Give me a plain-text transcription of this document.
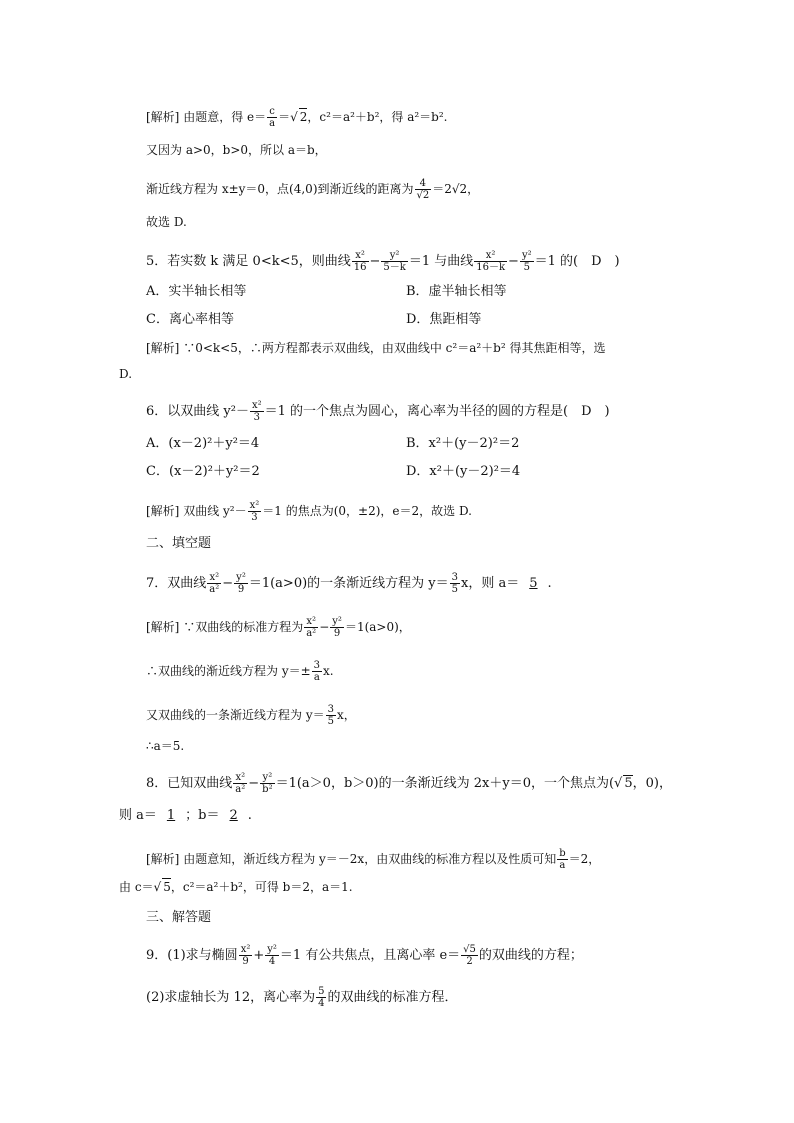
[解析] 由题意，得 $e= \frac{c}{a}$ ＝√ 2，c²＝a²＋b²，得 a²＝b².
又因为 a>0，b>0，所以 a＝b，
渐近线方程为 x±y＝0，点(4,0)到渐近线的距离为 $\frac{4}{√2} =2√2$，
故选 D.
5．若实数 k 满足 0<k<5，则曲线 $\frac{\text{x²}}{16} - \frac{\text{y²}}{5-k} =1$ 与曲线 $\frac{\text{x²}}{16-k} - \frac{\text{y²}}{5} =1$ 的(　D　)
A．实半轴长相等	B．虚半轴长相等
C．离心率相等	D．焦距相等
[解析] ∵0<k<5，∴两方程都表示双曲线，由双曲线中 c²＝a²＋b² 得其焦距相等，选
D.
6．以双曲线 $y^2- \frac{\text{x²}}{3} =1$ 的一个焦点为圆心，离心率为半径的圆的方程是(　D　)
A．(x－2)²＋y²＝4	B．x²＋(y－2)²＝2
C．(x－2)²＋y²＝2	D．x²＋(y－2)²＝4
[解析] 双曲线 $y^2- \frac{\text{x²}}{3} =1$ 的焦点为(0，±2)，e＝2，故选 D.
二、填空题
7．双曲线 $\frac{\text{x²}}{\text{a²}} - \frac{\text{y²}}{9} =1(a>0)$的一条渐近线方程为 $y= \frac{3}{5}$ x，则 a＝ 5 .
[解析] ∵双曲线的标准方程为 $\frac{\text{x²}}{\text{a²}} - \frac{\text{y²}}{9} =1(a>0)$，
∴双曲线的渐近线方程为 $y=\pm \frac{3}{a} x$.
又双曲线的一条渐近线方程为 $y= \frac{3}{5}$ x，
∴a＝5.
8．已知双曲线 $\frac{\text{x²}}{\text{a²}} - \frac{\text{y²}}{\text{b²}} =1(a>0$，b＞0)的一条渐近线为 2x＋y＝0，一个焦点为(√ 5，0)，
则 a＝ 1 ；b＝ 2 .
[解析] 由题意知，渐近线方程为 y＝－2x，由双曲线的标准方程以及性质可知 $\frac{b}{a} =2$，
由 c＝√ 5，c²＝a²＋b²，可得 b＝2，a＝1.
三、解答题
9．(1)求与椭圆 $\frac{\text{x²}}{9} + \frac{\text{y²}}{4} =1$ 有公共焦点，且离心率 $e= \frac{√5}{2}$ 的双曲线的方程；
(2)求虚轴长为 12，离心率为 $\frac{5}{4}$ 的双曲线的标准方程．
